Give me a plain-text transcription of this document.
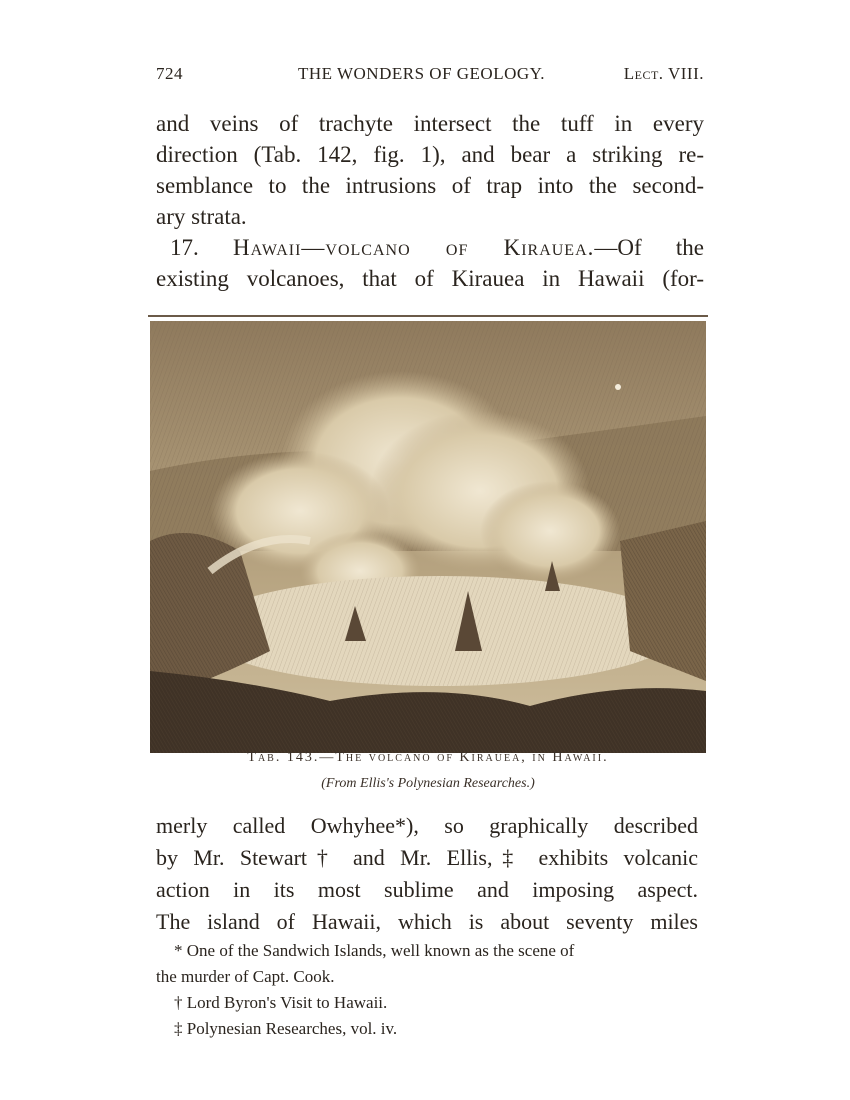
724	THE WONDERS OF GEOLOGY.	Lect. VIII.
and veins of trachyte intersect the tuff in every
direction (Tab. 142, fig. 1), and bear a striking re-
semblance to the intrusions of trap into the second-
ary strata.
17. Hawaii—volcano of Kirauea.—Of the
existing volcanoes, that of Kirauea in Hawaii (for-
Tab. 143.—The volcano of Kirauea, in Hawaii.
(From Ellis's Polynesian Researches.)
merly called Owhyhee*), so graphically described
by Mr. Stewart† and Mr. Ellis,‡ exhibits volcanic
action in its most sublime and imposing aspect.
The island of Hawaii, which is about seventy miles
* One of the Sandwich Islands, well known as the scene of
the murder of Capt. Cook.
† Lord Byron's Visit to Hawaii.
‡ Polynesian Researches, vol. iv.
